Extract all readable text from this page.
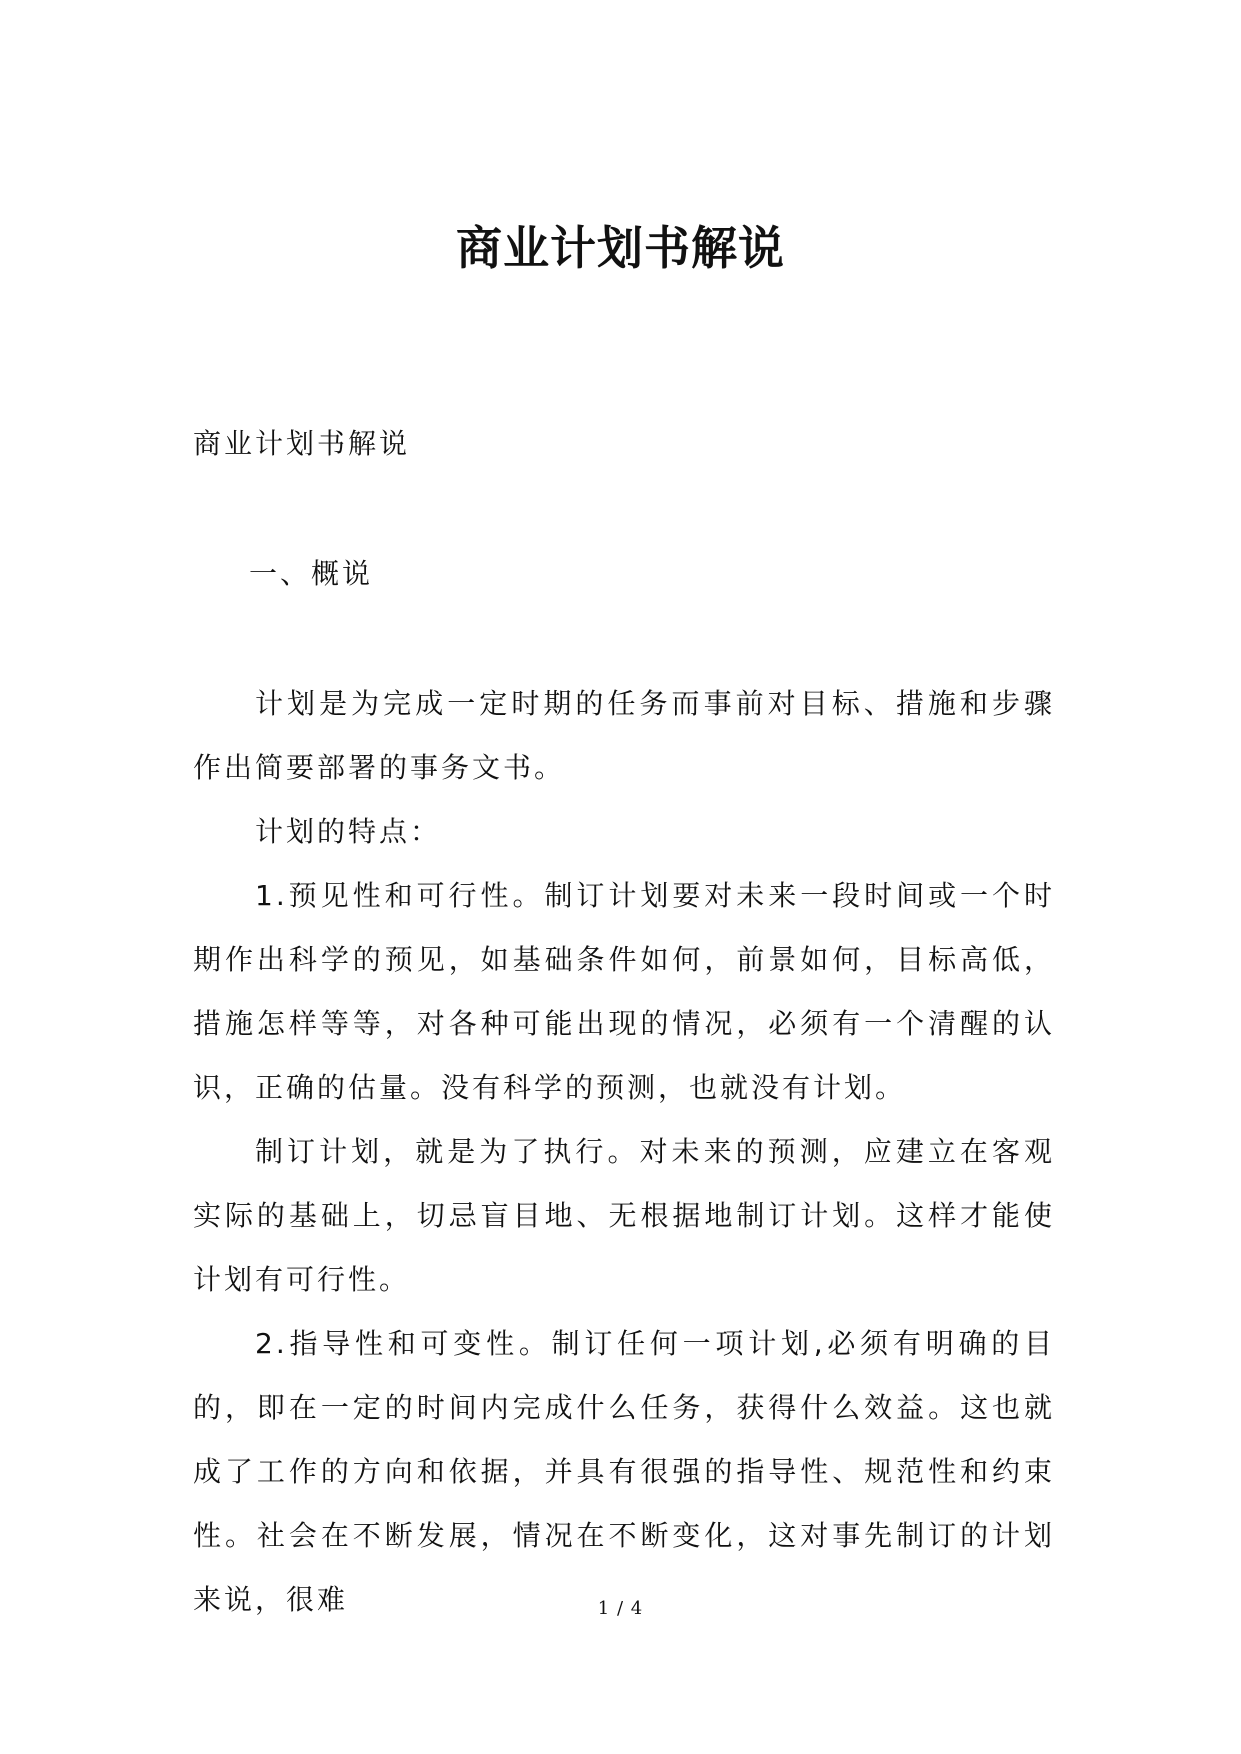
商业计划书解说

商业计划书解说

一、概说

计划是为完成一定时期的任务而事前对目标、措施和步骤作出简要部署的事务文书。

计划的特点：

1.预见性和可行性。制订计划要对未来一段时间或一个时期作出科学的预见，如基础条件如何，前景如何，目标高低，措施怎样等等，对各种可能出现的情况，必须有一个清醒的认识，正确的估量。没有科学的预测，也就没有计划。

制订计划，就是为了执行。对未来的预测，应建立在客观实际的基础上，切忌盲目地、无根据地制订计划。这样才能使计划有可行性。

2.指导性和可变性。制订任何一项计划,必须有明确的目的，即在一定的时间内完成什么任务，获得什么效益。这也就成了工作的方向和依据，并具有很强的指导性、规范性和约束性。社会在不断发展，情况在不断变化，这对事先制订的计划来说，很难	1 / 4
